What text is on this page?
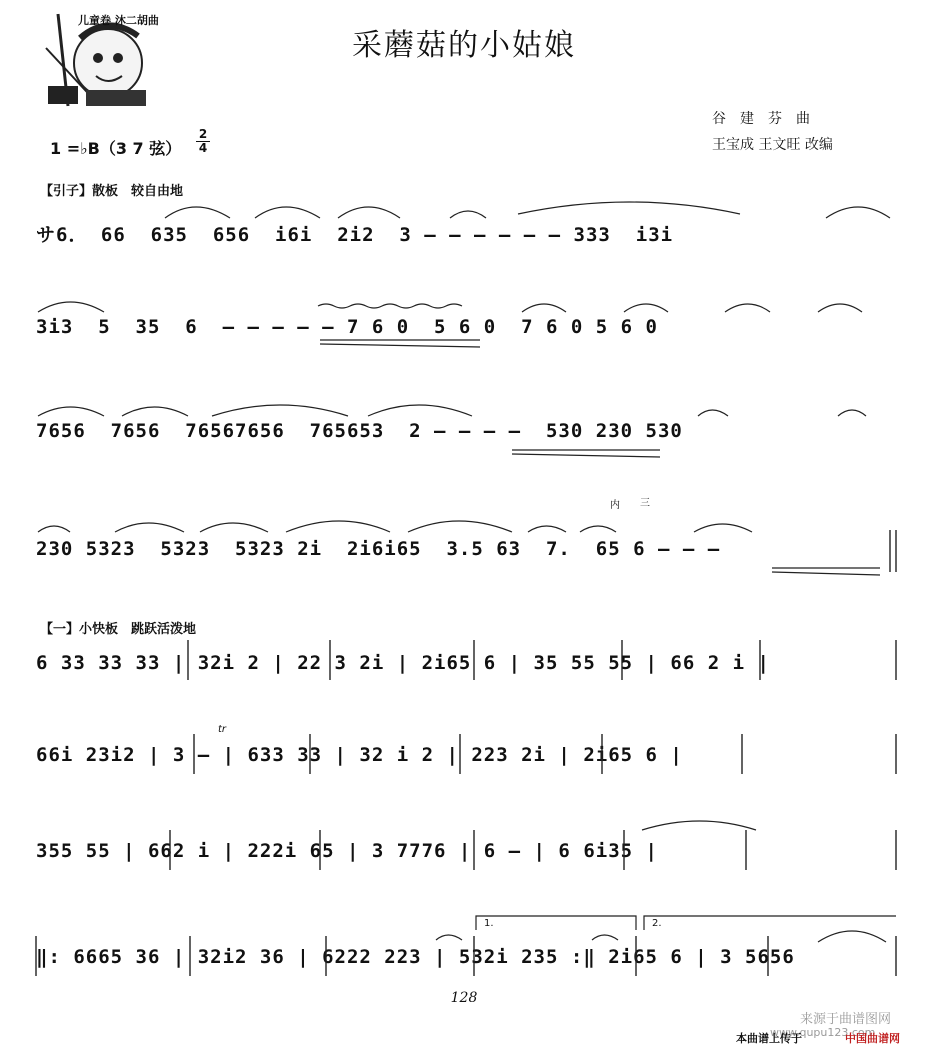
儿童卷 沐二胡曲
采蘑菇的小姑娘
谷建芬曲
王宝成 王文旺 改编
1 =♭B（3 7 弦）
2
4
【引子】散板　较自由地
サ6． 66  635  656  i6i  2i2  3 – – – – – – 333  i3i
3i3  5  35  6  – – – – – 7 6 0  5 6 0  7 6 0 5 6 0
7656  7656  76567656  765653  2 – – – –  530 230 530
230 5323  5323  5323 2i  2i6i65  3.5 63  7.  65 6 – – –
【一】小快板　跳跃活泼地
6 33 33 33 | 32i 2 | 22 3 2i | 2i65 6 | 35 55 55 | 66 2 i |
66i 23i2 | 3 – | 633 33 | 32 i 2 | 223 2i | 2i65 6 |
355 55 | 662 i | 222i 65 | 3 7776 | 6 – | 6 6i35 |
‖: 6665 36 | 32i2 36 | 6222 223 | 532i 235 :‖ 2i65 6 | 3 5656
内 三
tr
1.	2.
128
来源于曲谱图网
www.qupu123.com
本曲谱上传于	中国曲谱网
